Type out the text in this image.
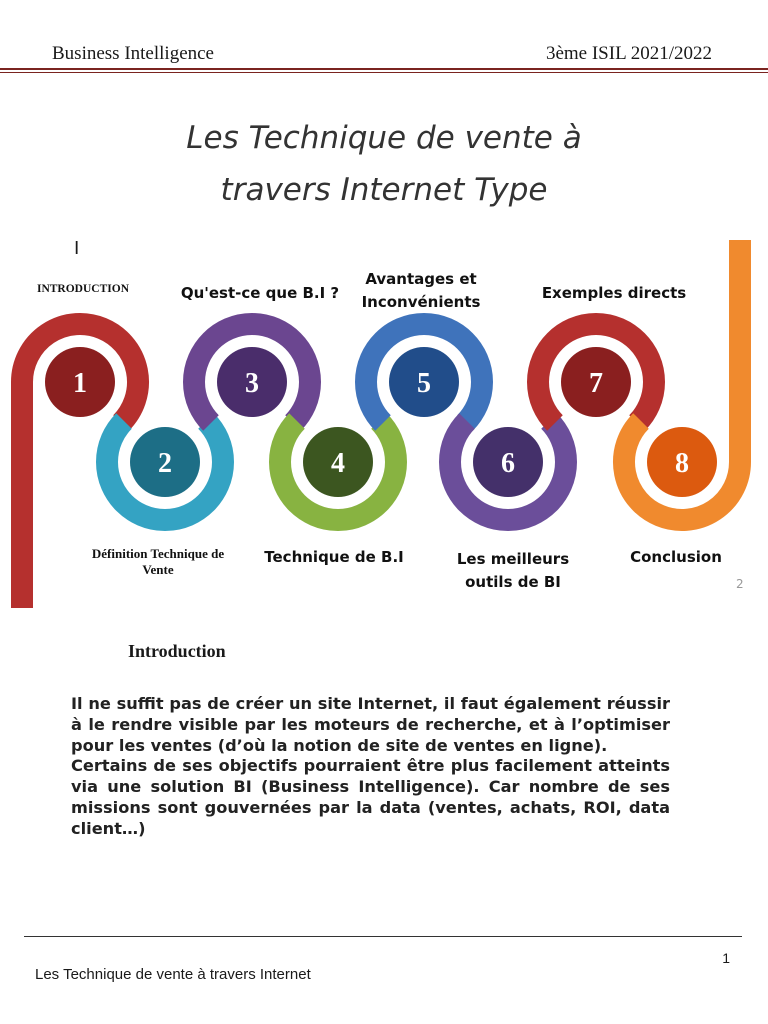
Business Intelligence	3ème ISIL 2021/2022
Les Technique de vente à
travers Internet Type
I
1
2
3
4
5
6
7
8
INTRODUCTION
Définition Technique de Vente
Qu'est-ce que B.I ?
Technique de B.I
Avantages et Inconvénients
Les meilleurs outils de BI
Exemples directs
Conclusion
2
Introduction

Il ne suffit pas de créer un site Internet, il faut également réussir à le rendre visible par les moteurs de recherche, et à l’optimiser pour les ventes (d’où la notion de site de ventes en ligne).

Certains de ses objectifs pourraient être plus facilement atteints via une solution BI (Business Intelligence). Car nombre de ses missions sont gouvernées par la data (ventes, achats, ROI, data client…)

1
Les Technique de vente à travers Internet
